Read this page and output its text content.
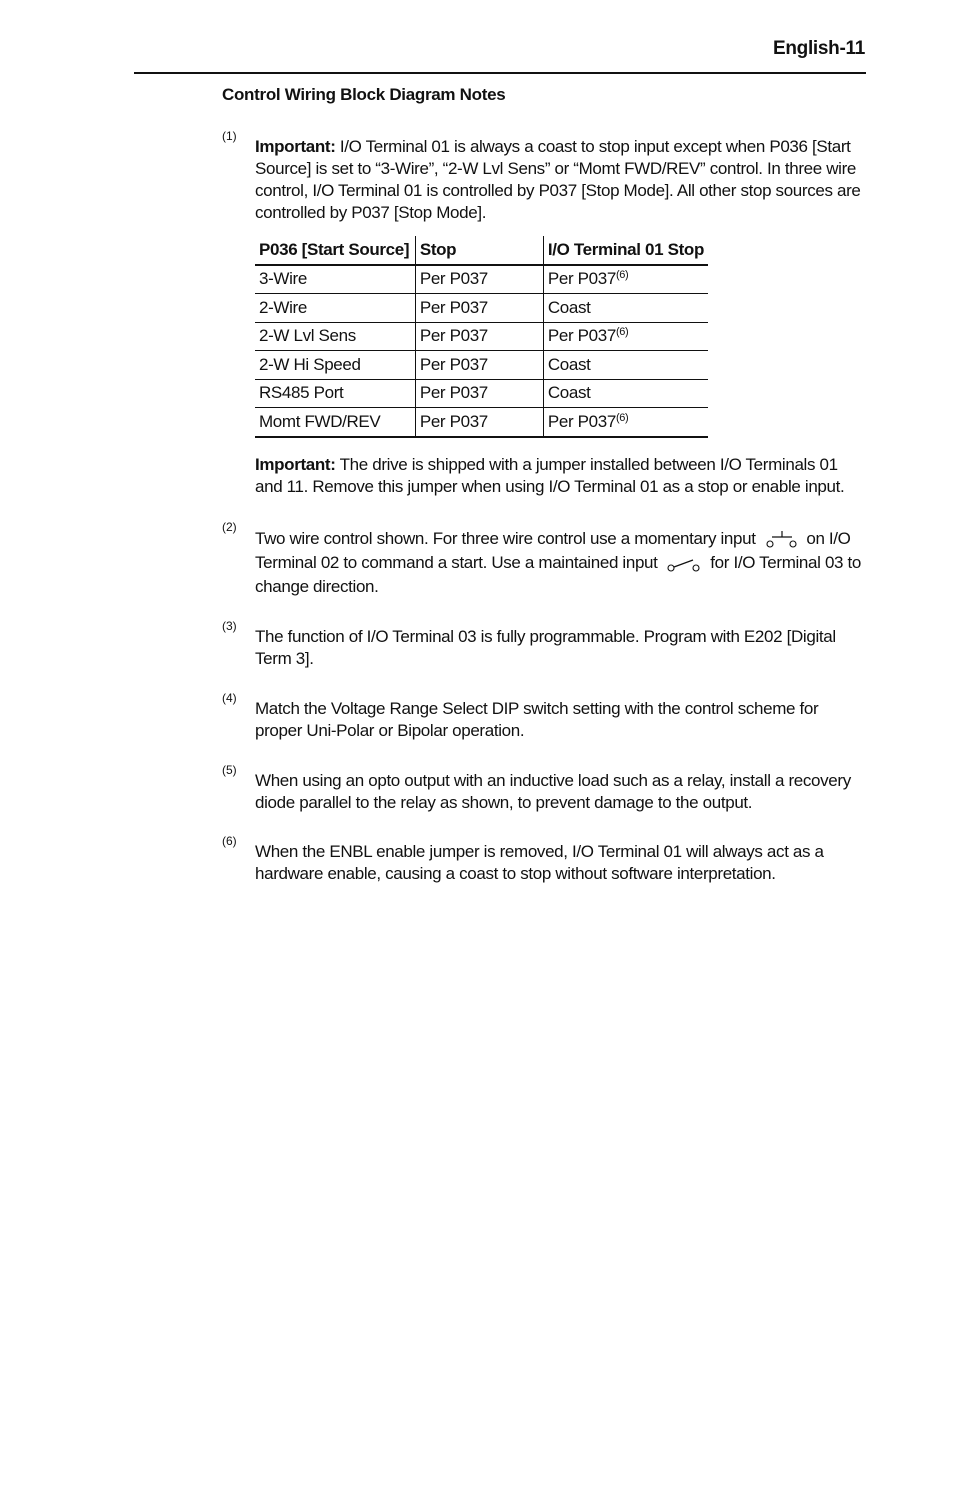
English-11
Control Wiring Block Diagram Notes
(1)
Important: I/O Terminal 01 is always a coast to stop input except when P036 [Start Source] is set to “3-Wire”, “2-W Lvl Sens” or “Momt FWD/REV” control. In three wire control, I/O Terminal 01 is controlled by P037 [Stop Mode]. All other stop sources are controlled by P037 [Stop Mode].
P036 [Start Source]	Stop	I/O Terminal 01 Stop
3-Wire	Per P037	Per P037$^{(6)}$
2-Wire	Per P037	Coast
2-W Lvl Sens	Per P037	Per P037$^{(6)}$
2-W Hi Speed	Per P037	Coast
RS485 Port	Per P037	Coast
Momt FWD/REV	Per P037	Per P037$^{(6)}$
Important: The drive is shipped with a jumper installed between I/O Terminals 01 and 11. Remove this jumper when using I/O Terminal 01 as a stop or enable input.
(2)
Two wire control shown. For three wire control use a momentary input	on I/O Terminal 02 to command a start. Use a maintained input	for I/O Terminal 03 to change direction.
(3)
The function of I/O Terminal 03 is fully programmable. Program with E202 [Digital Term 3].
(4)
Match the Voltage Range Select DIP switch setting with the control scheme for proper Uni-Polar or Bipolar operation.
(5)
When using an opto output with an inductive load such as a relay, install a recovery diode parallel to the relay as shown, to prevent damage to the output.
(6)
When the ENBL enable jumper is removed, I/O Terminal 01 will always act as a hardware enable, causing a coast to stop without software interpretation.
